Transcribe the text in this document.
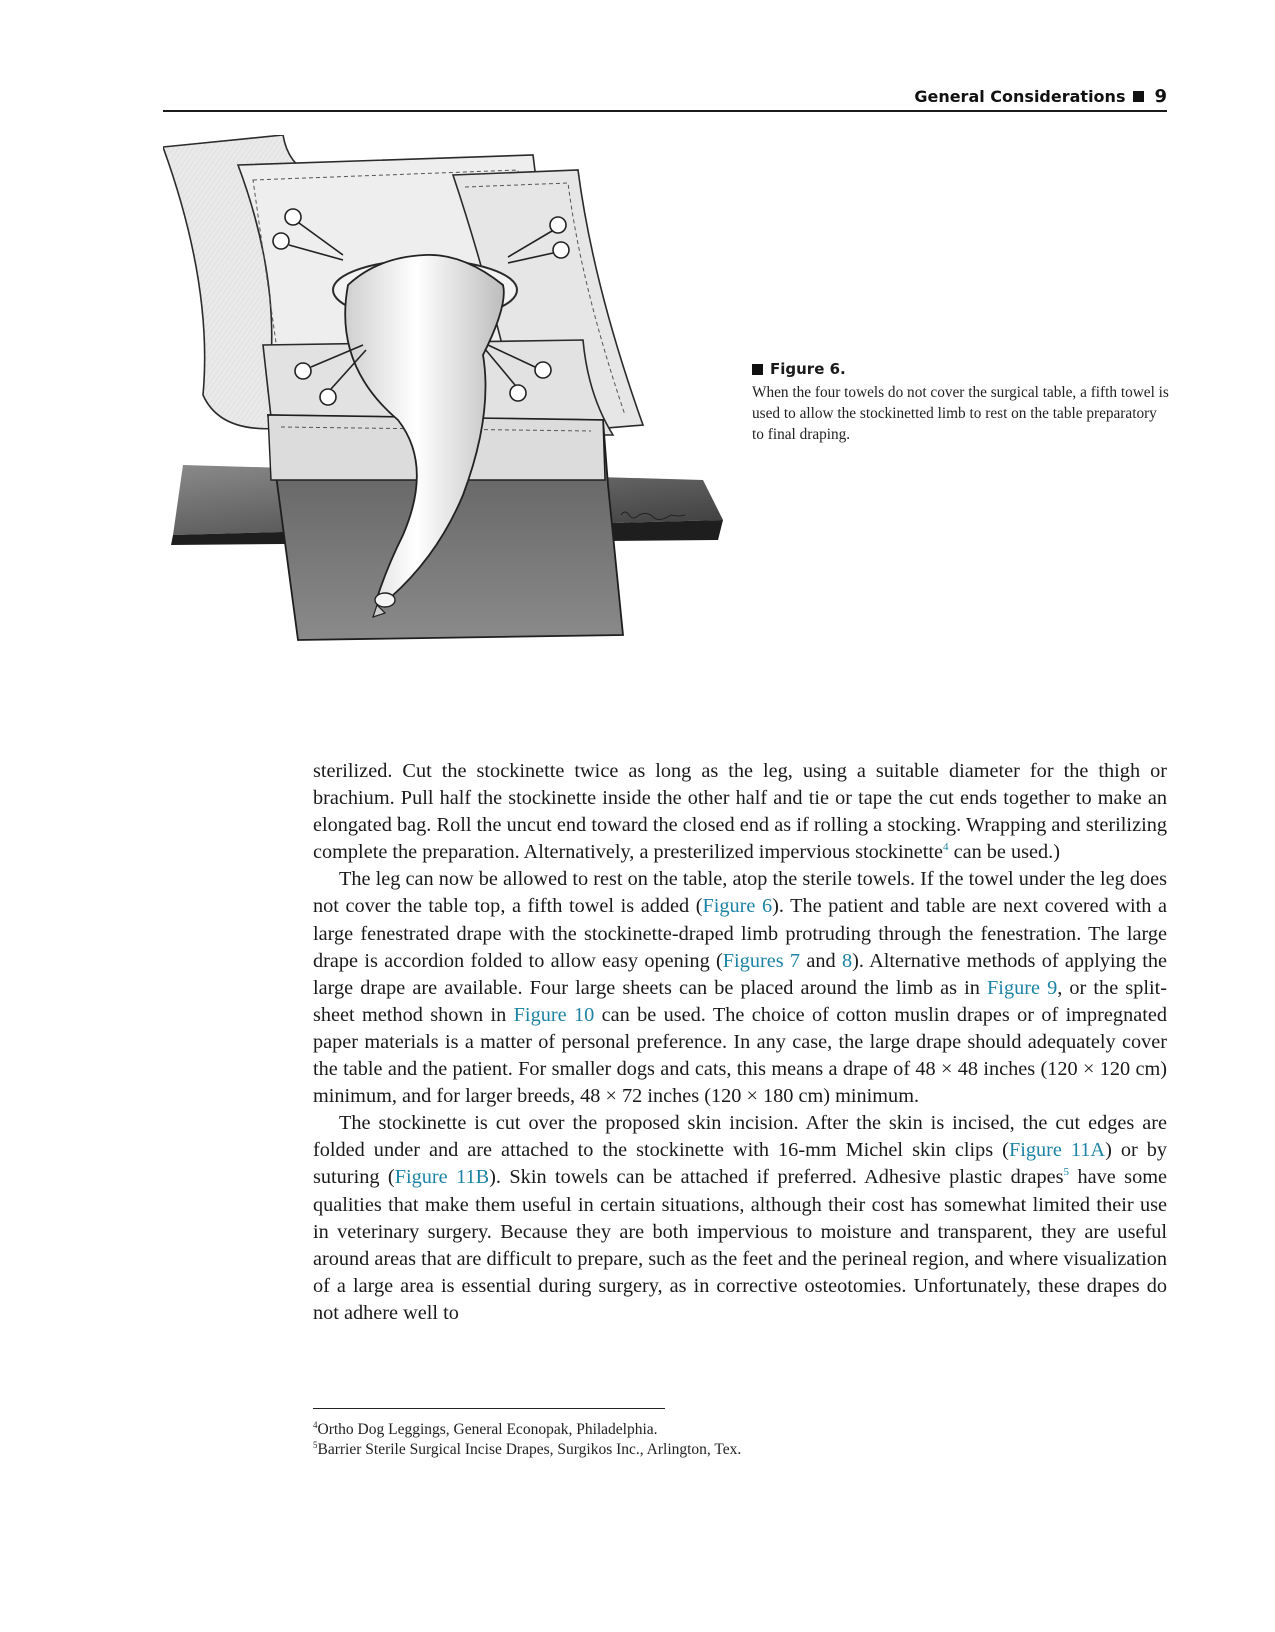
General Considerations 9
Figure 6.
When the four towels do not cover the surgical table, a fifth towel is used to allow the stockinetted limb to rest on the table preparatory to final draping.

sterilized. Cut the stockinette twice as long as the leg, using a suitable diameter for the thigh or brachium. Pull half the stockinette inside the other half and tie or tape the cut ends together to make an elongated bag. Roll the uncut end toward the closed end as if rolling a stocking. Wrapping and sterilizing complete the preparation. Alternatively, a presterilized impervious stockinette$^4$ can be used.)

The leg can now be allowed to rest on the table, atop the sterile towels. If the towel under the leg does not cover the table top, a fifth towel is added (Figure 6). The patient and table are next covered with a large fenestrated drape with the stockinette-draped limb protruding through the fenestration. The large drape is accordion folded to allow easy opening (Figures 7 and 8). Alternative methods of applying the large drape are available. Four large sheets can be placed around the limb as in Figure 9, or the split-sheet method shown in Figure 10 can be used. The choice of cotton muslin drapes or of impregnated paper materials is a matter of personal preference. In any case, the large drape should adequately cover the table and the patient. For smaller dogs and cats, this means a drape of 48 × 48 inches (120 × 120 cm) minimum, and for larger breeds, 48 × 72 inches (120 × 180 cm) minimum.

The stockinette is cut over the proposed skin incision. After the skin is incised, the cut edges are folded under and are attached to the stockinette with 16-mm Michel skin clips (Figure 11A) or by suturing (Figure 11B). Skin towels can be attached if preferred. Adhesive plastic drapes$^5$ have some qualities that make them useful in certain situations, although their cost has somewhat limited their use in veterinary surgery. Because they are both impervious to moisture and transparent, they are useful around areas that are difficult to prepare, such as the feet and the perineal region, and where visualization of a large area is essential during surgery, as in corrective osteotomies. Unfortunately, these drapes do not adhere well to

$^4$Ortho Dog Leggings, General Econopak, Philadelphia.
$^5$Barrier Sterile Surgical Incise Drapes, Surgikos Inc., Arlington, Tex.
